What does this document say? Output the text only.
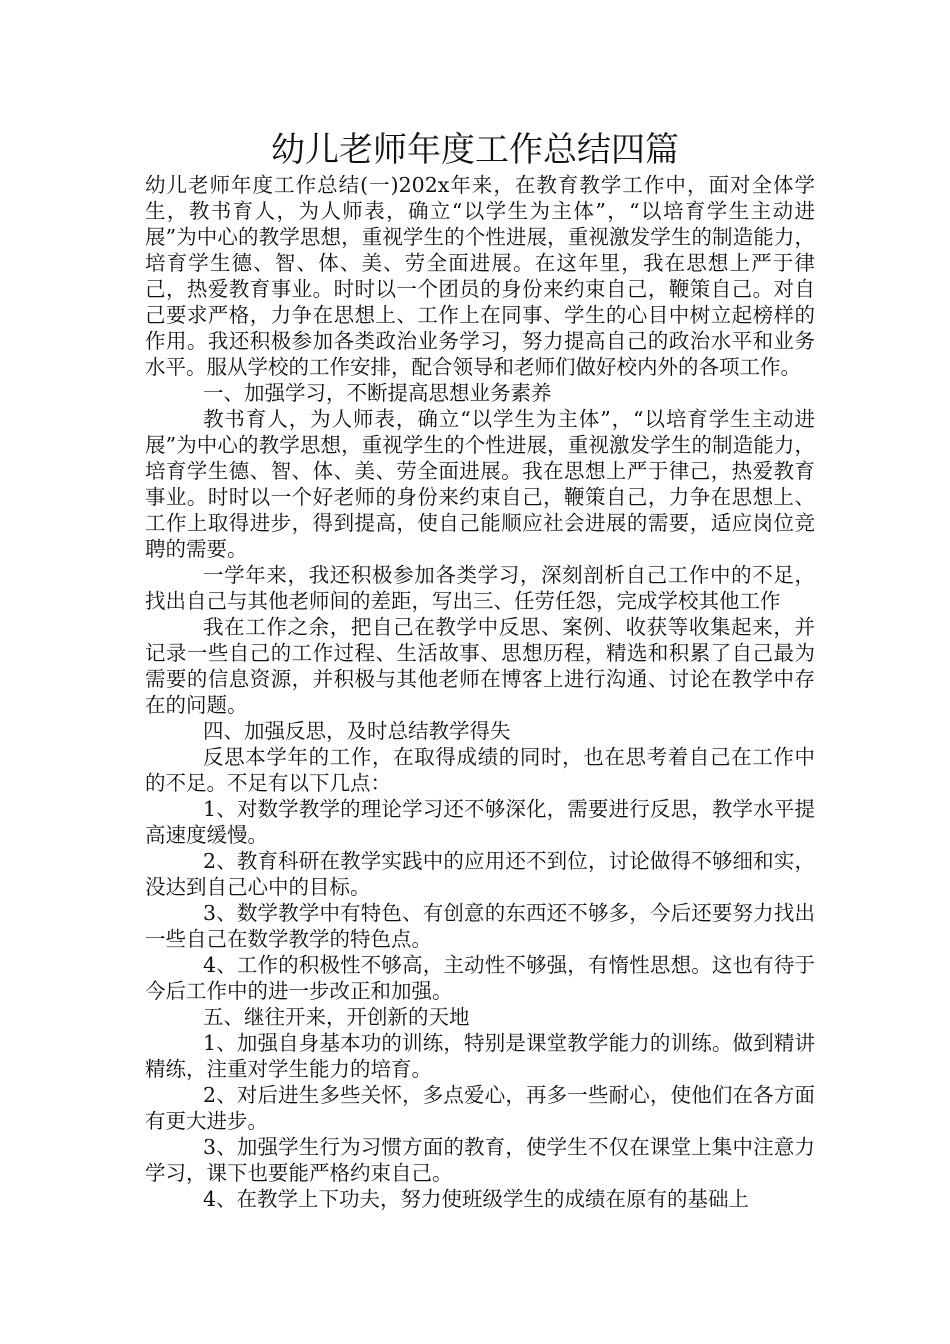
幼儿老师年度工作总结四篇

幼儿老师年度工作总结(一)202x年来，在教育教学工作中，面对全体学生，教书育人，为人师表，确立“以学生为主体”，“以培育学生主动进展”为中心的教学思想，重视学生的个性进展，重视激发学生的制造能力，培育学生德、智、体、美、劳全面进展。在这年里，我在思想上严于律己，热爱教育事业。时时以一个团员的身份来约束自己，鞭策自己。对自己要求严格，力争在思想上、工作上在同事、学生的心目中树立起榜样的作用。我还积极参加各类政治业务学习，努力提高自己的政治水平和业务水平。服从学校的工作安排，配合领导和老师们做好校内外的各项工作。

一、加强学习，不断提高思想业务素养

教书育人，为人师表，确立“以学生为主体”，“以培育学生主动进展”为中心的教学思想，重视学生的个性进展，重视激发学生的制造能力，培育学生德、智、体、美、劳全面进展。我在思想上严于律己，热爱教育事业。时时以一个好老师的身份来约束自己，鞭策自己，力争在思想上、工作上取得进步，得到提高，使自己能顺应社会进展的需要，适应岗位竞聘的需要。

一学年来，我还积极参加各类学习，深刻剖析自己工作中的不足，找出自己与其他老师间的差距，写出三、任劳任怨，完成学校其他工作

我在工作之余，把自己在教学中反思、案例、收获等收集起来，并记录一些自己的工作过程、生活故事、思想历程，精选和积累了自己最为需要的信息资源，并积极与其他老师在博客上进行沟通、讨论在教学中存在的问题。

四、加强反思，及时总结教学得失

反思本学年的工作，在取得成绩的同时，也在思考着自己在工作中的不足。不足有以下几点：

1、对数学教学的理论学习还不够深化，需要进行反思，教学水平提高速度缓慢。

2、教育科研在教学实践中的应用还不到位，讨论做得不够细和实，没达到自己心中的目标。

3、数学教学中有特色、有创意的东西还不够多，今后还要努力找出一些自己在数学教学的特色点。

4、工作的积极性不够高，主动性不够强，有惰性思想。这也有待于今后工作中的进一步改正和加强。

五、继往开来，开创新的天地

1、加强自身基本功的训练，特别是课堂教学能力的训练。做到精讲精练，注重对学生能力的培育。

2、对后进生多些关怀，多点爱心，再多一些耐心，使他们在各方面有更大进步。

3、加强学生行为习惯方面的教育，使学生不仅在课堂上集中注意力学习，课下也要能严格约束自己。

4、在教学上下功夫，努力使班级学生的成绩在原有的基础上
